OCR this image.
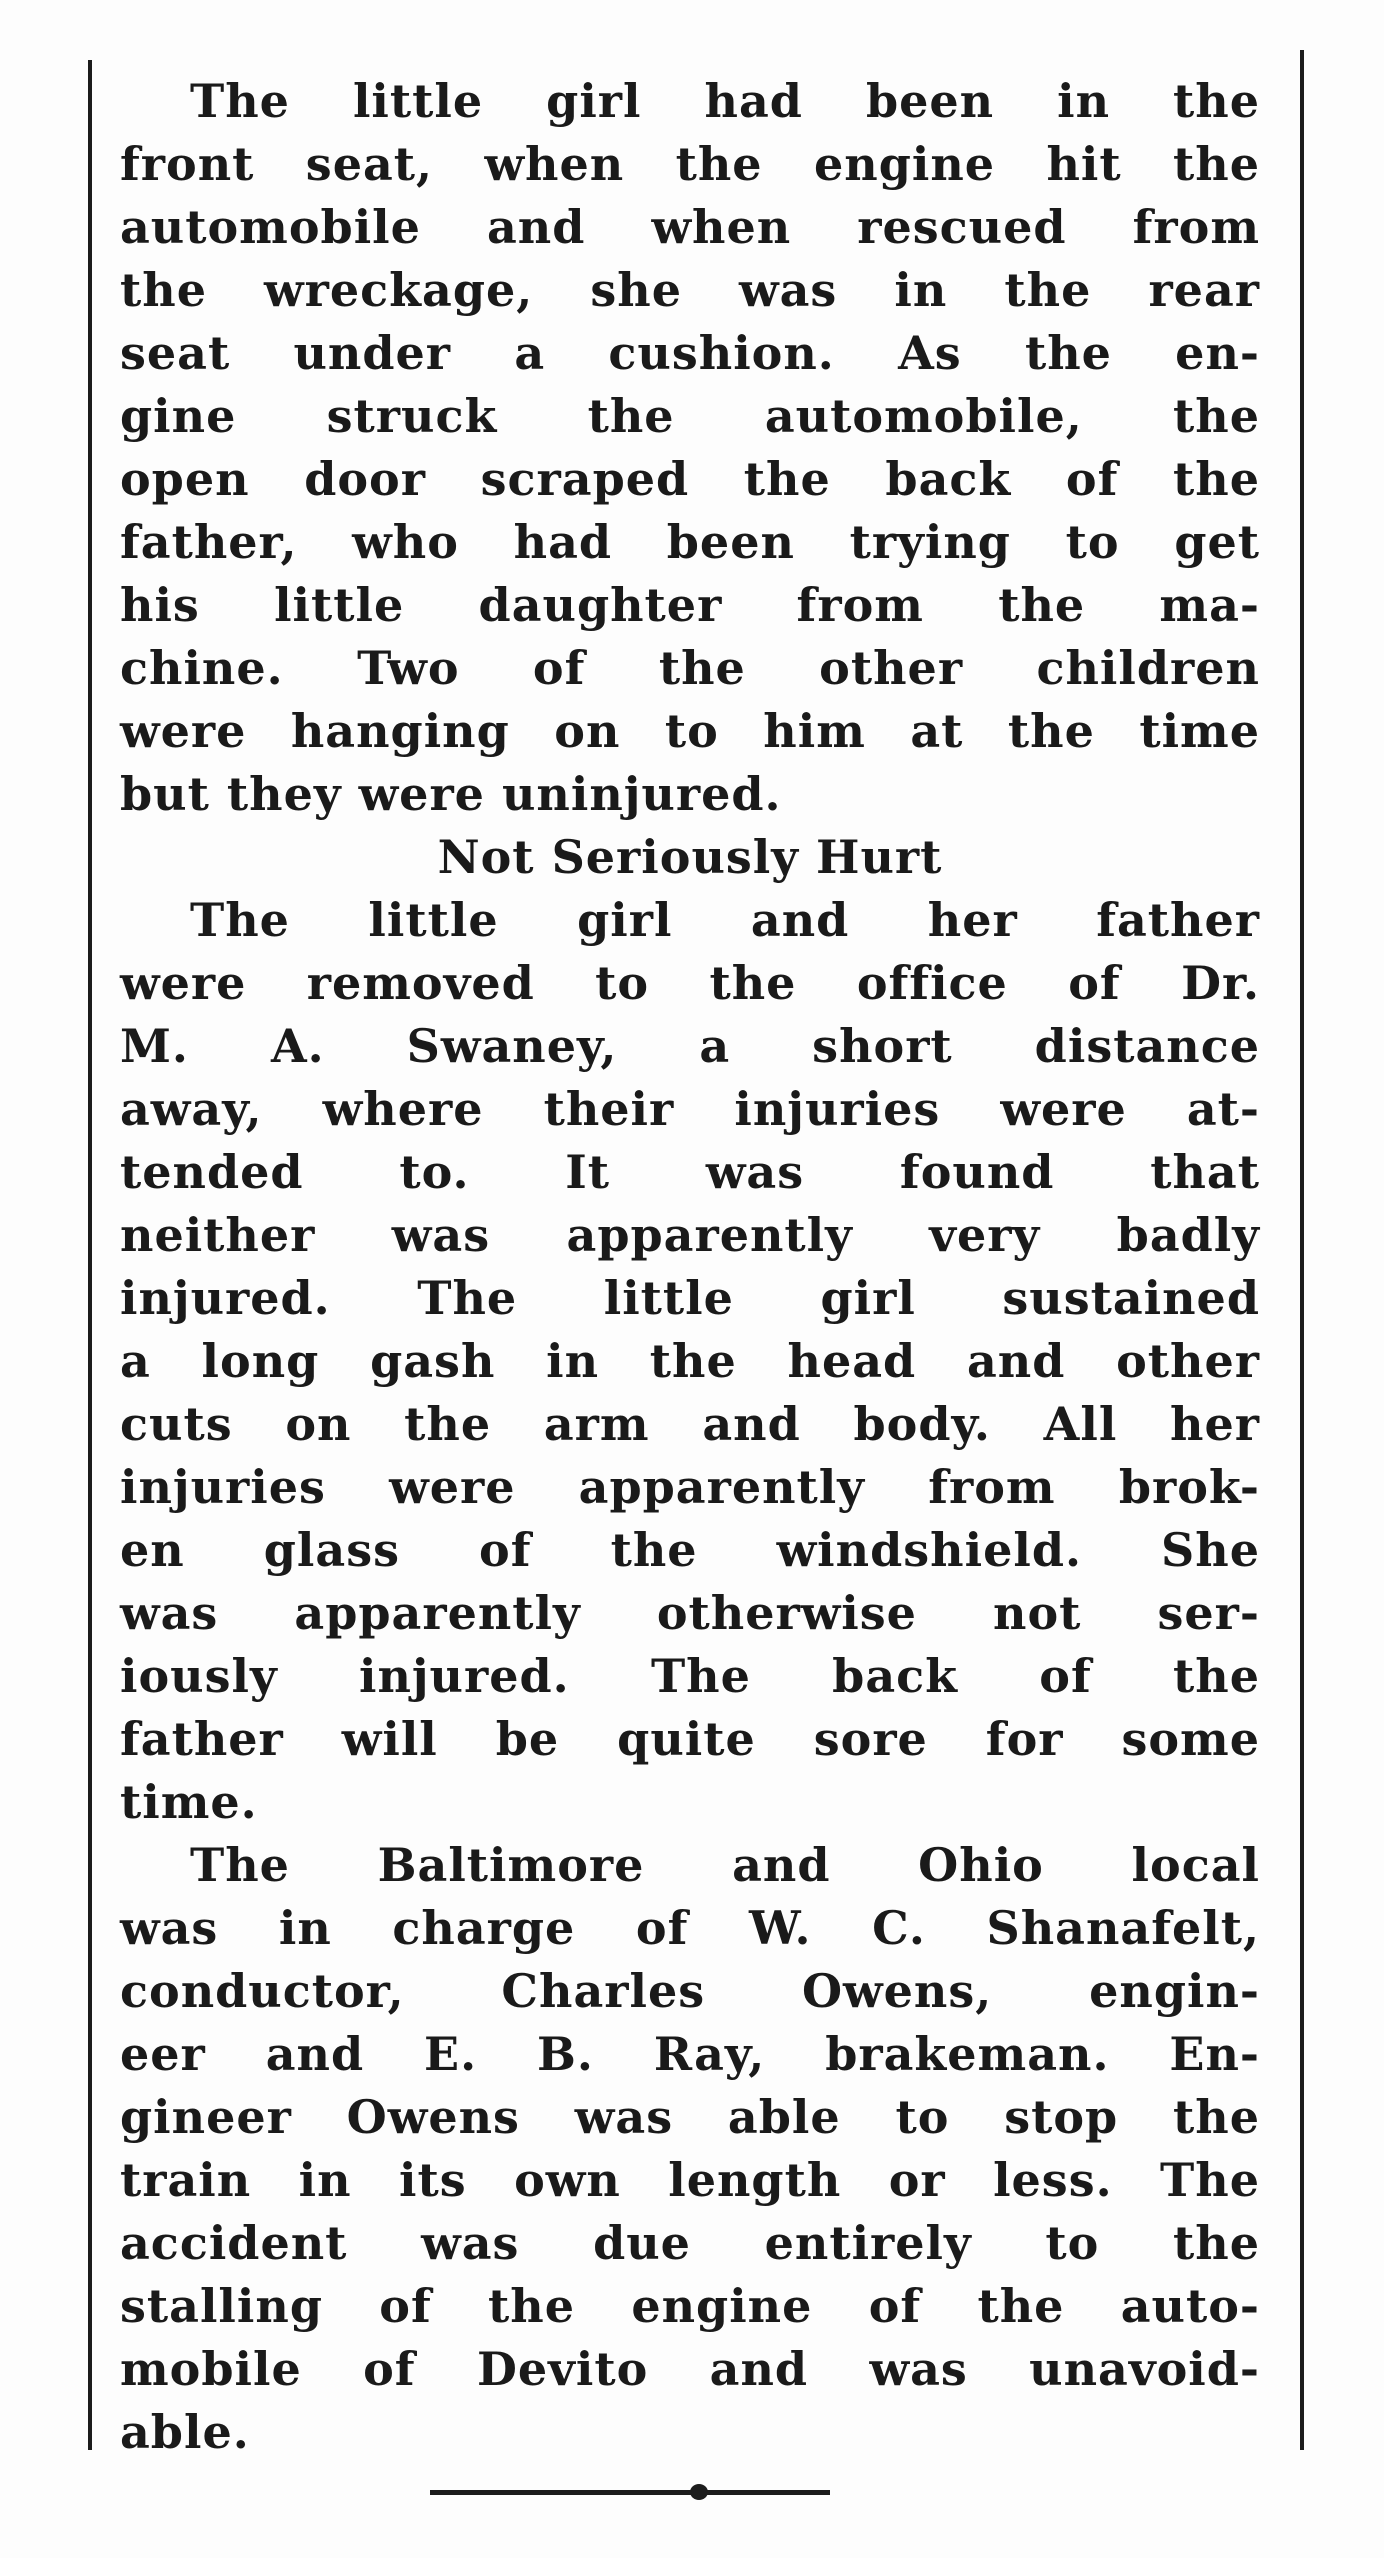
The little girl had been in the
front seat, when the engine hit the
automobile and when rescued from
the wreckage, she was in the rear
seat under a cushion. As the en-
gine struck the automobile, the
open door scraped the back of the
father, who had been trying to get
his little daughter from the ma-
chine. Two of the other children
were hanging on to him at the time
but they were uninjured.
Not Seriously Hurt
The little girl and her father
were removed to the office of Dr.
M. A. Swaney, a short distance
away, where their injuries were at-
tended to. It was found that
neither was apparently very badly
injured. The little girl sustained
a long gash in the head and other
cuts on the arm and body. All her
injuries were apparently from brok-
en glass of the windshield. She
was apparently otherwise not ser-
iously injured. The back of the
father will be quite sore for some
time.
The Baltimore and Ohio local
was in charge of W. C. Shanafelt,
conductor, Charles Owens, engin-
eer and E. B. Ray, brakeman. En-
gineer Owens was able to stop the
train in its own length or less. The
accident was due entirely to the
stalling of the engine of the auto-
mobile of Devito and was unavoid-
able.
